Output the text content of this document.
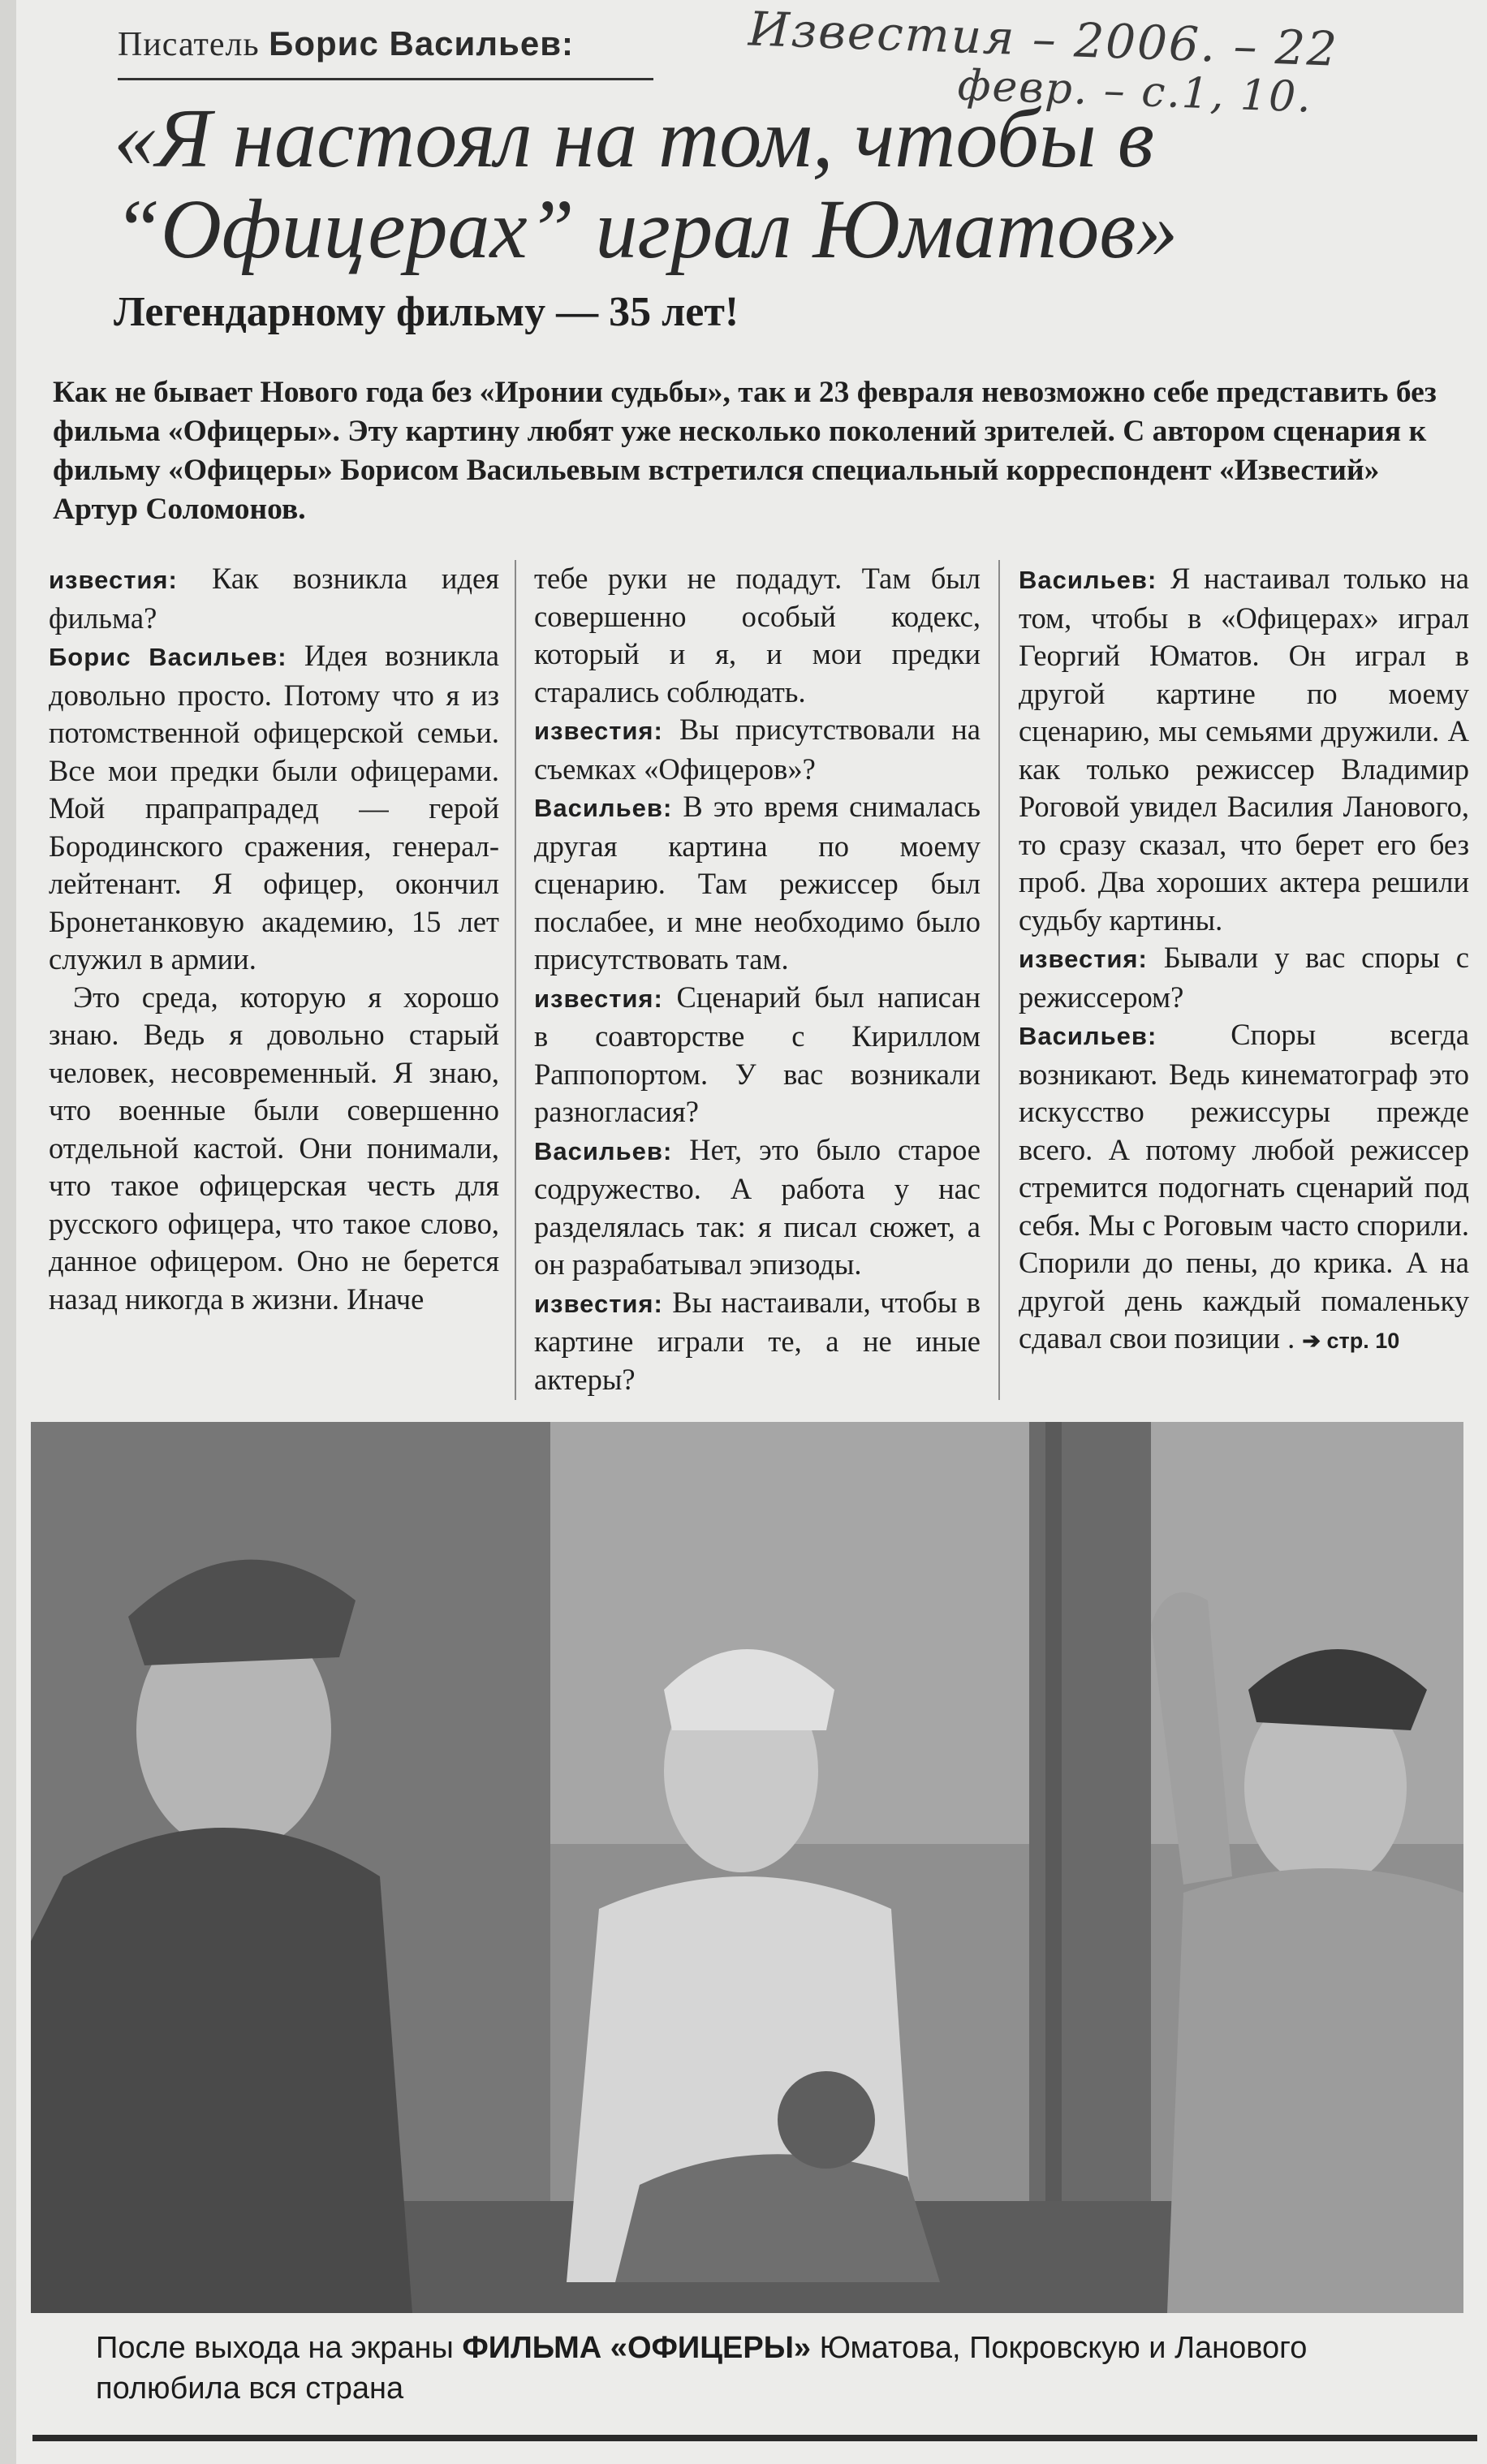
Писатель Борис Васильев:	Известия – 2006. – 22
февр. – с.1, 10.
«Я настоял на том, чтобы в “Офицерах” играл Юматов»
Легендарному фильму — 35 лет!
Как не бывает Нового года без «Иронии судьбы», так и 23 февраля невозможно себе представить без фильма «Офицеры». Эту картину любят уже несколько поколений зрителей. С автором сценария к фильму «Офицеры» Борисом Васильевым встретился специальный корреспондент «Известий» Артур Соломонов.

известия: Как возникла идея фильма?

Борис Васильев: Идея возникла довольно просто. Потому что я из потомственной офицерской семьи. Все мои предки были офицерами. Мой прапрапрадед — герой Бородинского сражения, генерал-лейтенант. Я офицер, окончил Бронетанковую академию, 15 лет служил в армии.

Это среда, которую я хорошо знаю. Ведь я довольно старый человек, несовременный. Я знаю, что военные были совершенно отдельной кастой. Они понимали, что такое офицерская честь для русского офицера, что такое слово, данное офицером. Оно не берется назад никогда в жизни. Иначе

тебе руки не подадут. Там был совершенно особый кодекс, который и я, и мои предки старались соблюдать.

известия: Вы присутствовали на съемках «Офицеров»?

Васильев: В это время снималась другая картина по моему сценарию. Там режиссер был послабее, и мне необходимо было присутствовать там.

известия: Сценарий был написан в соавторстве с Кириллом Раппопортом. У вас возникали разногласия?

Васильев: Нет, это было старое содружество. А работа у нас разделялась так: я писал сюжет, а он разрабатывал эпизоды.

известия: Вы настаивали, чтобы в картине играли те, а не иные актеры?

Васильев: Я настаивал только на том, чтобы в «Офицерах» играл Георгий Юматов. Он играл в другой картине по моему сценарию, мы семьями дружили. А как только режиссер Владимир Роговой увидел Василия Ланового, то сразу сказал, что берет его без проб. Два хороших актера решили судьбу картины.

известия: Бывали у вас споры с режиссером?

Васильев: Споры всегда возникают. Ведь кинематограф это искусство режиссуры прежде всего. А потому любой режиссер стремится подогнать сценарий под себя. Мы с Роговым часто спорили. Спорили до пены, до крика. А на другой день каждый помаленьку сдавал свои позиции . ➔ стр. 10

После выхода на экраны ФИЛЬМА «ОФИЦЕРЫ» Юматова, Покровскую и Ланового полюбила вся страна
